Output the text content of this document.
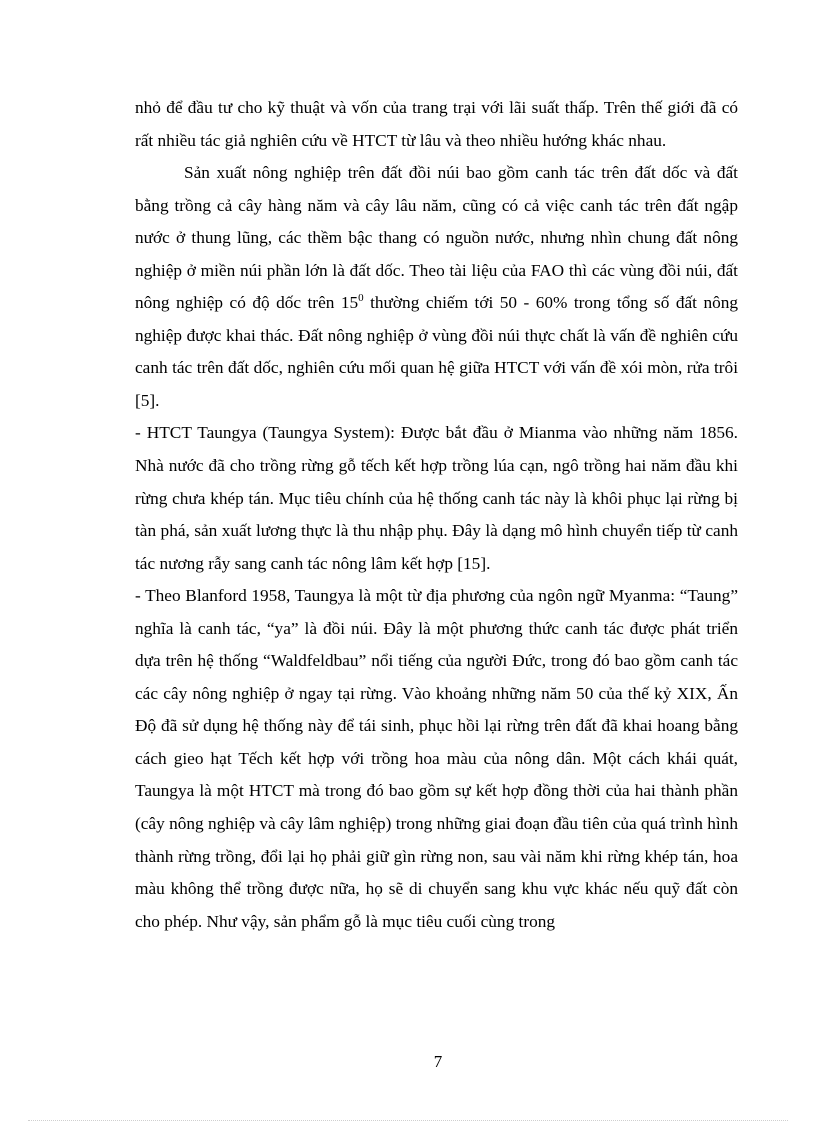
nhỏ để đầu tư cho kỹ thuật và vốn của trang trại với lãi suất thấp. Trên thế giới đã có rất nhiều tác giả nghiên cứu về HTCT từ lâu và theo nhiều hướng khác nhau.

Sản xuất nông nghiệp trên đất đồi núi bao gồm canh tác trên đất dốc và đất bằng trồng cả cây hàng năm và cây lâu năm, cũng có cả việc canh tác trên đất ngập nước ở thung lũng, các thềm bậc thang có nguồn nước, nhưng nhìn chung đất nông nghiệp ở miền núi phần lớn là đất dốc. Theo tài liệu của FAO thì các vùng đồi núi, đất nông nghiệp có độ dốc trên $15^0$ thường chiếm tới 50 - 60% trong tổng số đất nông nghiệp được khai thác. Đất nông nghiệp ở vùng đồi núi thực chất là vấn đề nghiên cứu canh tác trên đất dốc, nghiên cứu mối quan hệ giữa HTCT với vấn đề xói mòn, rửa trôi [5].

- HTCT Taungya (Taungya System): Được bắt đầu ở Mianma vào những năm 1856. Nhà nước đã cho trồng rừng gỗ tếch kết hợp trồng lúa cạn, ngô trồng hai năm đầu khi rừng chưa khép tán. Mục tiêu chính của hệ thống canh tác này là khôi phục lại rừng bị tàn phá, sản xuất lương thực là thu nhập phụ. Đây là dạng mô hình chuyển tiếp từ canh tác nương rẫy sang canh tác nông lâm kết hợp [15].

- Theo Blanford 1958, Taungya là một từ địa phương của ngôn ngữ Myanma: “Taung” nghĩa là canh tác, “ya” là đồi núi. Đây là một phương thức canh tác được phát triển dựa trên hệ thống “Waldfeldbau” nổi tiếng của người Đức, trong đó bao gồm canh tác các cây nông nghiệp ở ngay tại rừng. Vào khoảng những năm 50 của thế kỷ XIX, Ấn Độ đã sử dụng hệ thống này để tái sinh, phục hồi lại rừng trên đất đã khai hoang bằng cách gieo hạt Tếch kết hợp với trồng hoa màu của nông dân. Một cách khái quát, Taungya là một HTCT mà trong đó bao gồm sự kết hợp đồng thời của hai thành phần (cây nông nghiệp và cây lâm nghiệp) trong những giai đoạn đầu tiên của quá trình hình thành rừng trồng, đổi lại họ phải giữ gìn rừng non, sau vài năm khi rừng khép tán, hoa màu không thể trồng được nữa, họ sẽ di chuyển sang khu vực khác nếu quỹ đất còn cho phép. Như vậy, sản phẩm gỗ là mục tiêu cuối cùng trong

7
